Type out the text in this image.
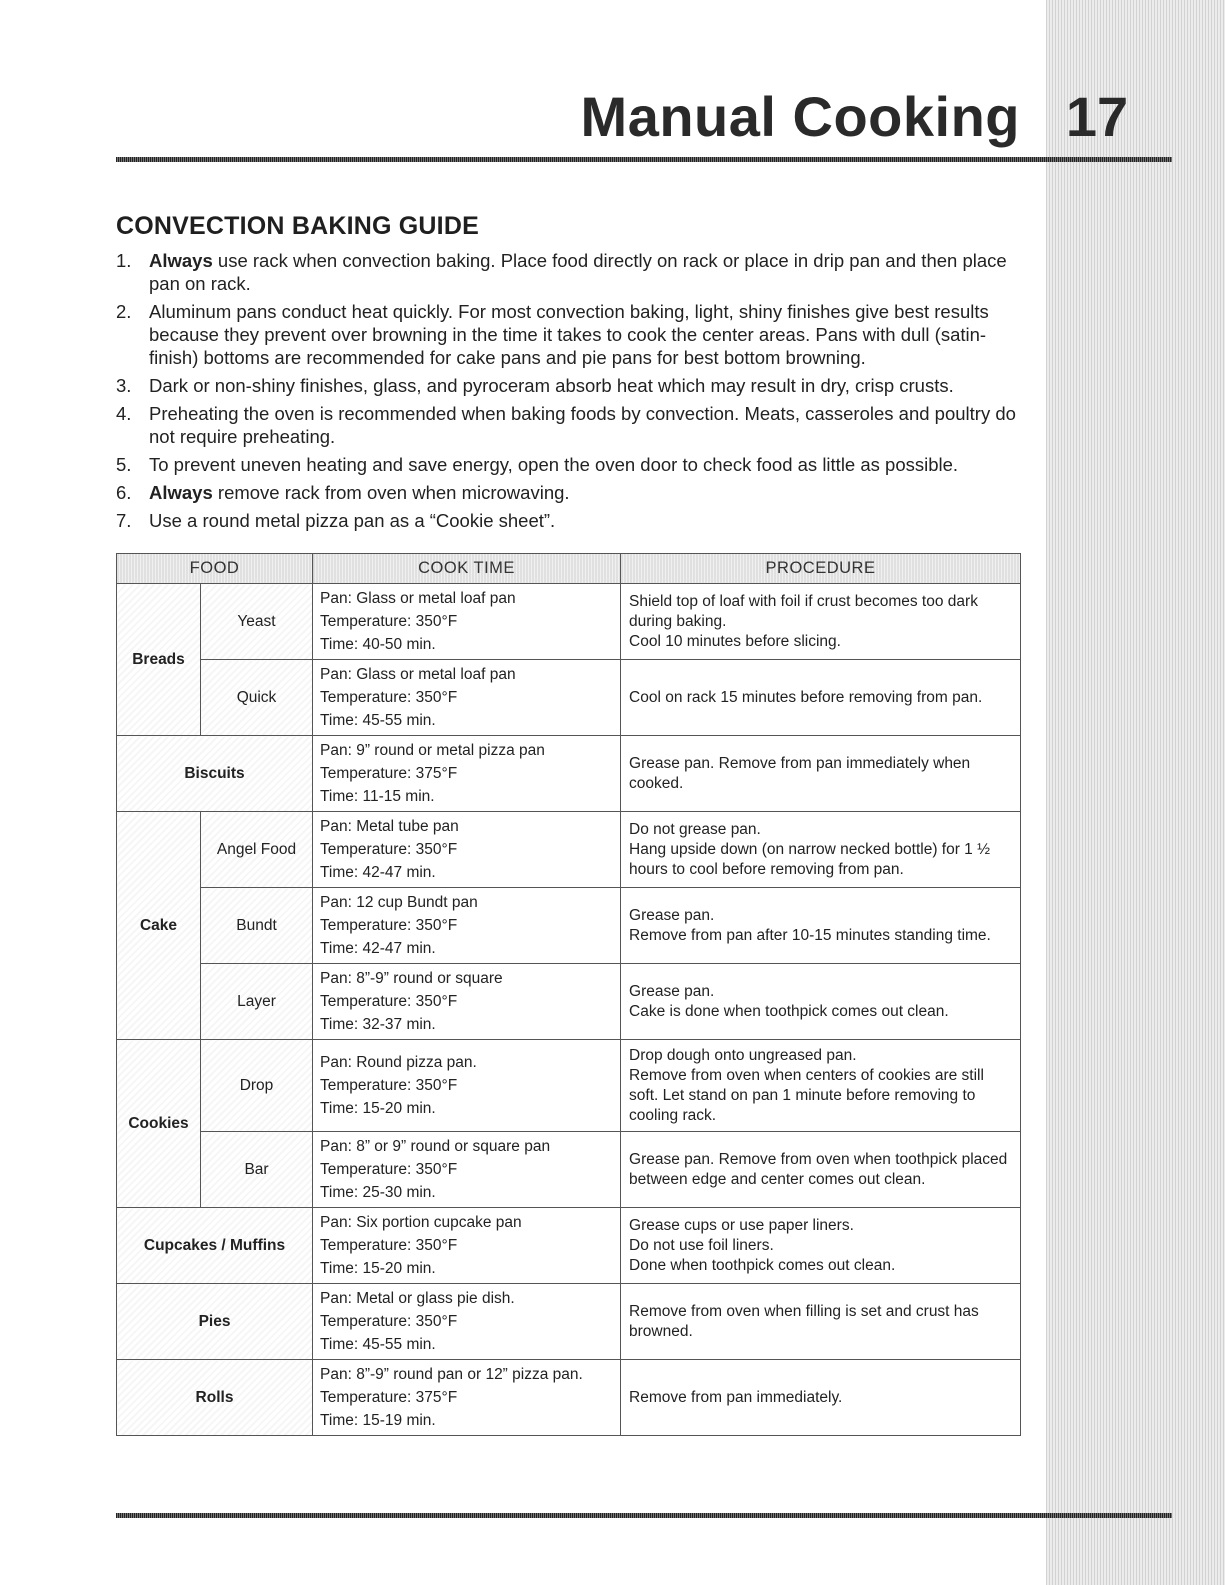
Manual Cooking 17
CONVECTION BAKING GUIDE
1. Always use rack when convection baking. Place food directly on rack or place in drip pan and then place pan on rack.
2. Aluminum pans conduct heat quickly. For most convection baking, light, shiny finishes give best results because they prevent over browning in the time it takes to cook the center areas. Pans with dull (satin-finish) bottoms are recommended for cake pans and pie pans for best bottom browning.
3. Dark or non-shiny finishes, glass, and pyroceram absorb heat which may result in dry, crisp crusts.
4. Preheating the oven is recommended when baking foods by convection. Meats, casseroles and poultry do not require preheating.
5. To prevent uneven heating and save energy, open the oven door to check food as little as possible.
6. Always remove rack from oven when microwaving.
7. Use a round metal pizza pan as a “Cookie sheet”.
FOOD		COOK TIME	PROCEDURE
Breads	Yeast	Pan: Glass or metal loaf pan
Temperature: 350°F
Time: 40-50 min.	Shield top of loaf with foil if crust becomes too dark during baking.
Cool 10 minutes before slicing.

	Quick	Pan: Glass or metal loaf pan
Temperature: 350°F
Time: 45-55 min.	Cool on rack 15 minutes before removing from pan.

Biscuits		Pan: 9” round or metal pizza pan
Temperature: 375°F
Time: 11-15 min.	Grease pan. Remove from pan immediately when cooked.

Cake	Angel Food	Pan: Metal tube pan
Temperature: 350°F
Time: 42-47 min.	Do not grease pan.
Hang upside down (on narrow necked bottle) for 1 ½ hours to cool before removing from pan.

	Bundt	Pan: 12 cup Bundt pan
Temperature: 350°F
Time: 42-47 min.	Grease pan.
Remove from pan after 10-15 minutes standing time.

	Layer	Pan: 8”-9” round or square
Temperature: 350°F
Time: 32-37 min.	Grease pan.
Cake is done when toothpick comes out clean.

Cookies	Drop	Pan: Round pizza pan.
Temperature: 350°F
Time: 15-20 min.	Drop dough onto ungreased pan.
Remove from oven when centers of cookies are still soft. Let stand on pan 1 minute before removing to cooling rack.

	Bar	Pan: 8” or 9” round or square pan
Temperature: 350°F
Time: 25-30 min.	Grease pan. Remove from oven when toothpick placed between edge and center comes out clean.

Cupcakes / Muffins		Pan: Six portion cupcake pan
Temperature: 350°F
Time: 15-20 min.	Grease cups or use paper liners.
Do not use foil liners.
Done when toothpick comes out clean.

Pies		Pan: Metal or glass pie dish.
Temperature: 350°F
Time: 45-55 min.	Remove from oven when filling is set and crust has browned.

Rolls		Pan: 8”-9” round pan or 12” pizza pan.
Temperature: 375°F
Time: 15-19 min.	Remove from pan immediately.
